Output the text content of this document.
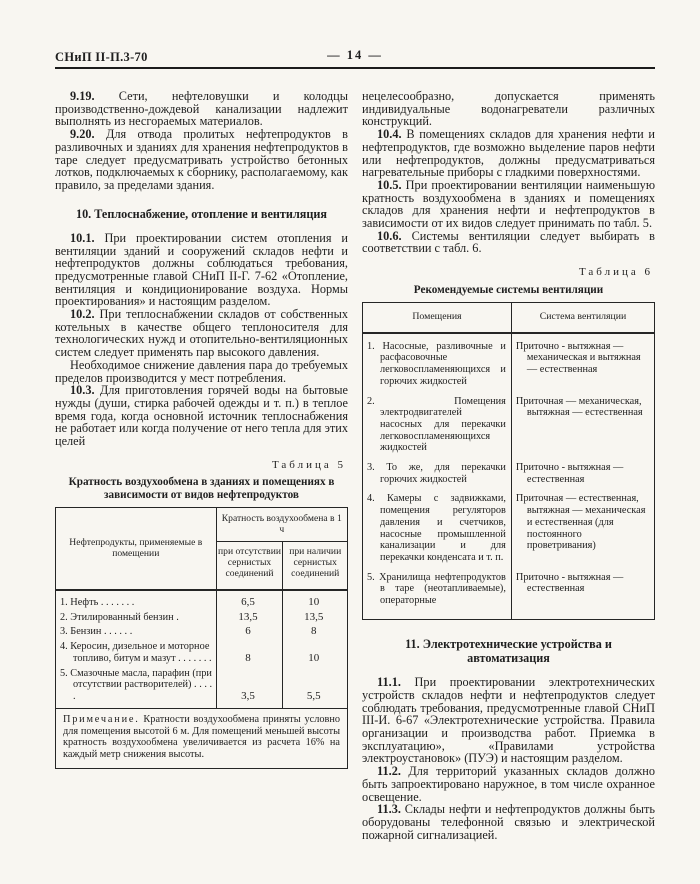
СНиП II-П.3-70	— 14 —

9.19. Сети, нефтеловушки и колодцы производственно-дождевой канализации надлежит выполнять из несгораемых материалов.

9.20. Для отвода пролитых нефтепродуктов в разливочных и зданиях для хранения нефтепродуктов в таре следует предусматривать устройство бетонных лотков, подключаемых к сборнику, располагаемому, как правило, за пределами здания.

10. Теплоснабжение, отопление и вентиляция

10.1. При проектировании систем отопления и вентиляции зданий и сооружений складов нефти и нефтепродуктов должны соблюдаться требования, предусмотренные главой СНиП II-Г. 7-62 «Отопление, вентиляция и кондиционирование воздуха. Нормы проектирования» и настоящим разделом.

10.2. При теплоснабжении складов от собственных котельных в качестве общего теплоносителя для технологических нужд и отопительно-вентиляционных систем следует применять пар высокого давления.

Необходимое снижение давления пара до требуемых пределов производится у мест потребления.

10.3. Для приготовления горячей воды на бытовые нужды (души, стирка рабочей одежды и т. п.) в теплое время года, когда основной источник теплоснабжения не работает или когда получение от него тепла для этих целей

Таблица 5
Кратность воздухообмена в зданиях и помещениях в зависимости от видов нефтепродуктов
Нефтепродукты, применяемые в помещении	Кратность воздухообмена в 1 ч	
	при отсутствии сернистых соединений	при наличии сернистых соединений
1. Нефть . . . . . . .	6,5	10
2. Этилированный бензин .	13,5	13,5
3. Бензин . . . . . .	6	8
4. Керосин, дизельное и моторное топливо, битум и мазут . . . . . . .	8	10
5. Смазочные масла, парафин (при отсутствии растворителей) . . . . .	3,5	5,5
Примечание. Кратности воздухообмена приняты условно для помещения высотой 6 м. Для помещений меньшей высоты кратность воздухообмена увеличивается из расчета 16% на каждый метр снижения высоты.

нецелесообразно, допускается применять индивидуальные водонагреватели различных конструкций.

10.4. В помещениях складов для хранения нефти и нефтепродуктов, где возможно выделение паров нефти или нефтепродуктов, должны предусматриваться нагревательные приборы с гладкими поверхностями.

10.5. При проектировании вентиляции наименьшую кратность воздухообмена в зданиях и помещениях складов для хранения нефти и нефтепродуктов в зависимости от их видов следует принимать по табл. 5.

10.6. Системы вентиляции следует выбирать в соответствии с табл. 6.

Таблица 6
Рекомендуемые системы вентиляции
Помещения	Система вентиляции
1. Насосные, разливочные и расфасовочные легковоспламеняющихся и горючих жидкостей	Приточно - вытяжная — механическая и вытяжная — естественная
2. Помещения электродвигателей насосных для перекачки легковоспламеняющихся жидкостей	Приточная — механическая, вытяжная — естественная
3. То же, для перекачки горючих жидкостей	Приточно - вытяжная — естественная
4. Камеры с задвижками, помещения регуляторов давления и счетчиков, насосные промышленной канализации и для перекачки конденсата и т. п.	Приточная — естественная, вытяжная — механическая и естественная (для постоянного проветривания)
5. Хранилища нефтепродуктов в таре (неотапливаемые), операторные	Приточно - вытяжная — естественная
11. Электротехнические устройства и автоматизация

11.1. При проектировании электротехнических устройств складов нефти и нефтепродуктов следует соблюдать требования, предусмотренные главой СНиП III-И. 6-67 «Электротехнические устройства. Правила организации и производства работ. Приемка в эксплуатацию», «Правилами устройства электроустановок» (ПУЭ) и настоящим разделом.

11.2. Для территорий указанных складов должно быть запроектировано наружное, в том числе охранное освещение.

11.3. Склады нефти и нефтепродуктов должны быть оборудованы телефонной связью и электрической пожарной сигнализацией.
